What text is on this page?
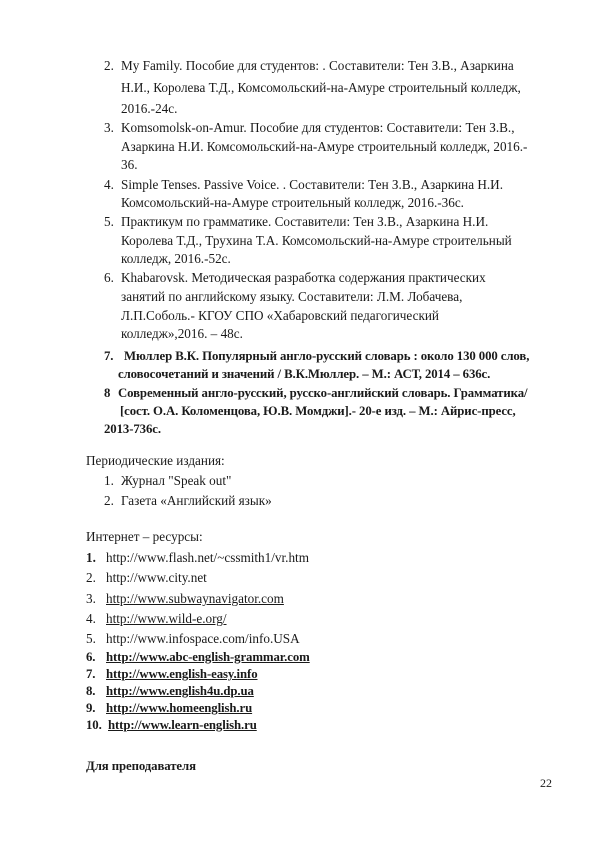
2. My Family. Пособие для студентов: . Составители: Тен З.В., Азаркина
Н.И., Королева Т.Д., Комсомольский-на-Амуре строительный колледж,
2016.-24с.
3. Komsomolsk-on-Amur. Пособие для студентов: Составители: Тен З.В.,
Азаркина Н.И. Комсомольский-на-Амуре строительный колледж, 2016.-
36.
4. Simple Tenses. Passive Voice. . Составители: Тен З.В., Азаркина Н.И.
Комсомольский-на-Амуре строительный колледж, 2016.-36с.
5. Практикум по грамматике. Составители: Тен З.В., Азаркина Н.И.
Королева Т.Д., Трухина Т.А. Комсомольский-на-Амуре строительный
колледж, 2016.-52с.
6. Khabarovsk. Методическая разработка содержания практических
занятий по английскому языку. Составители: Л.М. Лобачева,
Л.П.Соболь.- КГОУ СПО «Хабаровский педагогический
колледж»,2016. – 48с.
7. Мюллер В.К. Популярный англо-русский словарь : около 130 000 слов,
словосочетаний и значений / В.К.Мюллер. – М.: АСТ, 2014 – 636с.
8 Современный англо-русский, русско-английский словарь. Грамматика/
[сост. О.А. Коломенцова, Ю.В. Момджи].- 20-е изд. – М.: Айрис-пресс,
2013-736с.
Периодические издания:
1. Журнал "Speak out"
2. Газета «Английский язык»
Интернет – ресурсы:
1. http://www.flash.net/~cssmith1/vr.htm
2. http://www.city.net
3. http://www.subwaynavigator.com
4. http://www.wild-e.org/
5. http://www.infospace.com/info.USA
6. http://www.abc-english-grammar.com
7. http://www.english-easy.info
8. http://www.english4u.dp.ua
9. http://www.homeenglish.ru
10. http://www.learn-english.ru
Для преподавателя
22
